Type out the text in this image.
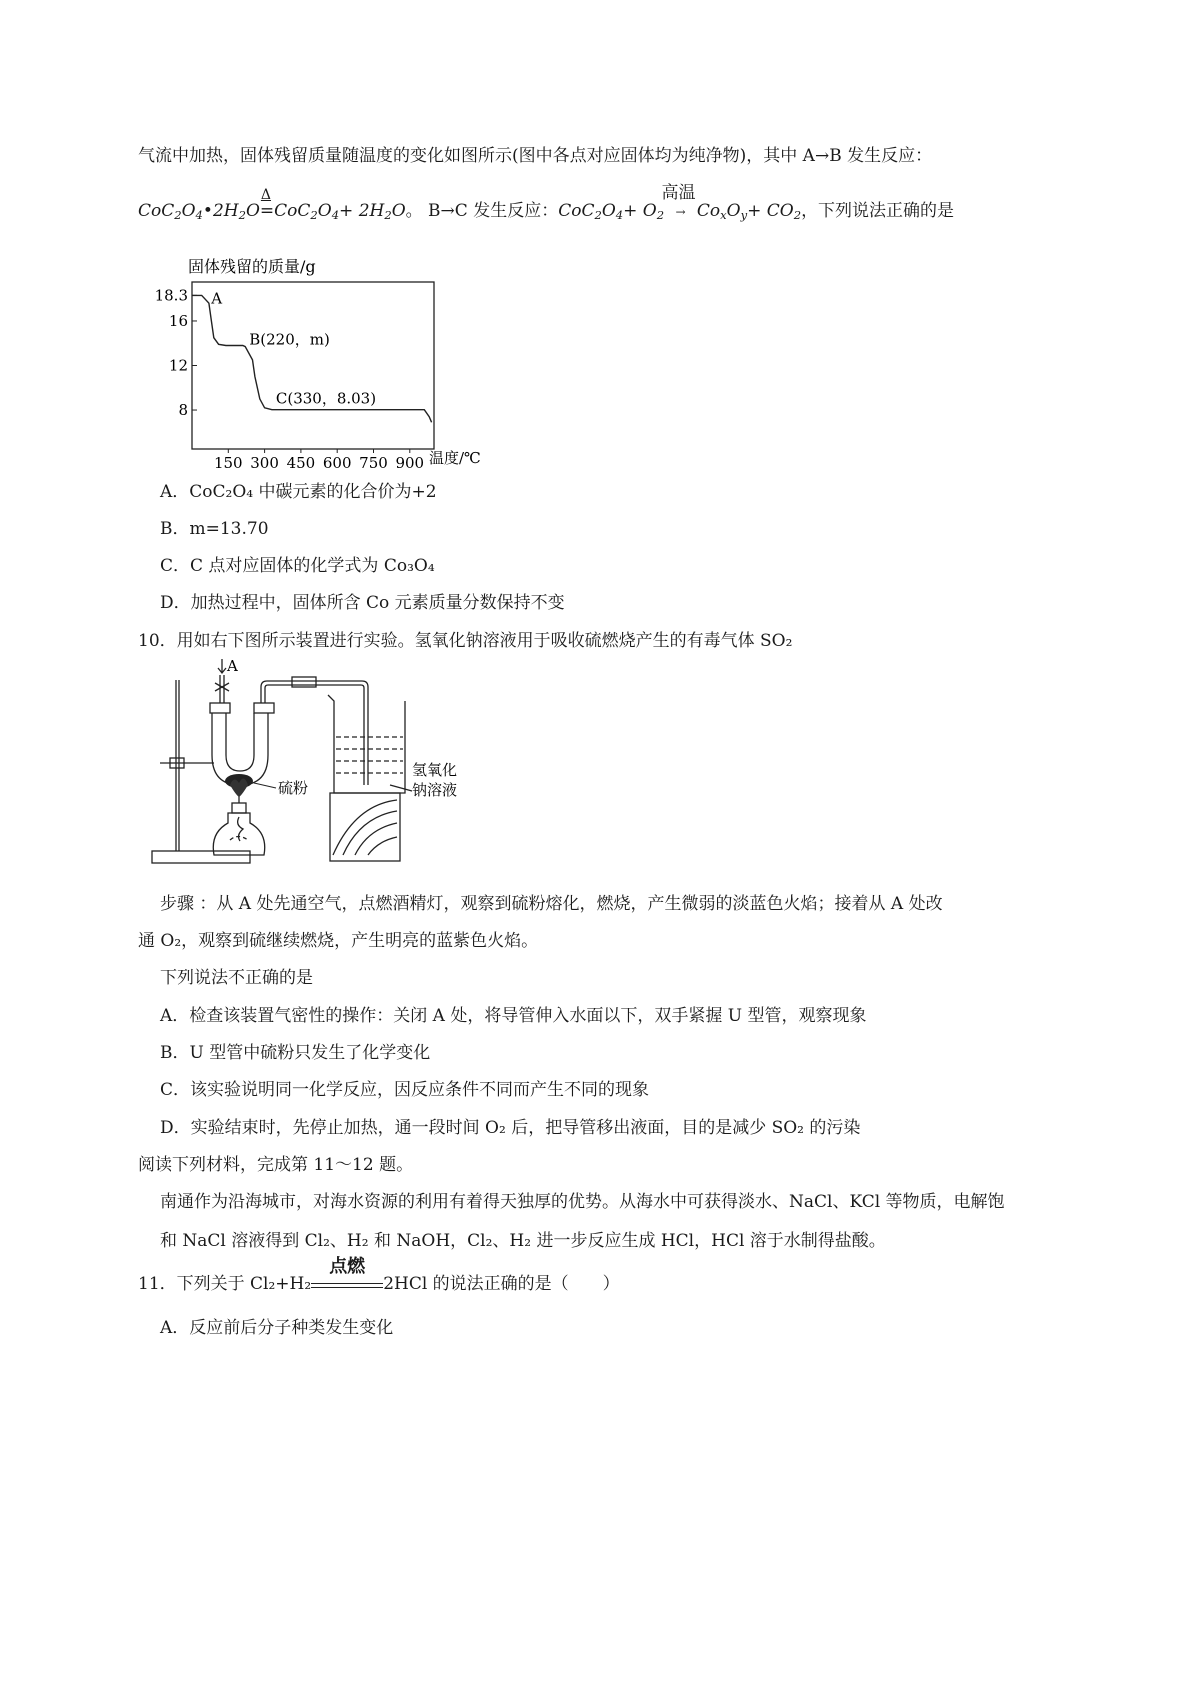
气流中加热，固体残留质量随温度的变化如图所示(图中各点对应固体均为纯净物)，其中 A→B 发生反应：
$CoC_2O_4•2H_2O$
Δ
$=CoC_2O_4+ 2H_2O$。 B→C 发生反应：$CoC_2O_4+ O_2$
高温
→ $Co_xO_y+ CO_2$，下列说法正确的是
固体残留的质量/g
150 300 450 600 750 900
18.3
16
12
8
A
B(220，m)
C(330，8.03)
温度/℃
A．CoC₂O₄ 中碳元素的化合价为+2
B．m=13.70
C．C 点对应固体的化学式为 Co₃O₄
D．加热过程中，固体所含 Co 元素质量分数保持不变
10．用如右下图所示装置进行实验。氢氧化钠溶液用于吸收硫燃烧产生的有毒气体 SO₂
A
硫粉
氢氧化
钠溶液
步骤 ：从 A 处先通空气，点燃酒精灯，观察到硫粉熔化，燃烧，产生微弱的淡蓝色火焰；接着从 A 处改
通 O₂，观察到硫继续燃烧，产生明亮的蓝紫色火焰。
下列说法不正确的是
A．检查该装置气密性的操作：关闭 A 处，将导管伸入水面以下，双手紧握 U 型管，观察现象
B．U 型管中硫粉只发生了化学变化
C．该实验说明同一化学反应，因反应条件不同而产生不同的现象
D．实验结束时，先停止加热，通一段时间 O₂ 后，把导管移出液面，目的是减少 SO₂ 的污染
阅读下列材料，完成第 11～12 题。
南通作为沿海城市，对海水资源的利用有着得天独厚的优势。从海水中可获得淡水、NaCl、KCl 等物质，电解饱
和 NaCl 溶液得到 Cl₂、H₂ 和 NaOH，Cl₂、H₂ 进一步反应生成 HCl，HCl 溶于水制得盐酸。
11．下列关于 Cl₂+H₂
点燃
2HCl 的说法正确的是（　　）
A．反应前后分子种类发生变化
